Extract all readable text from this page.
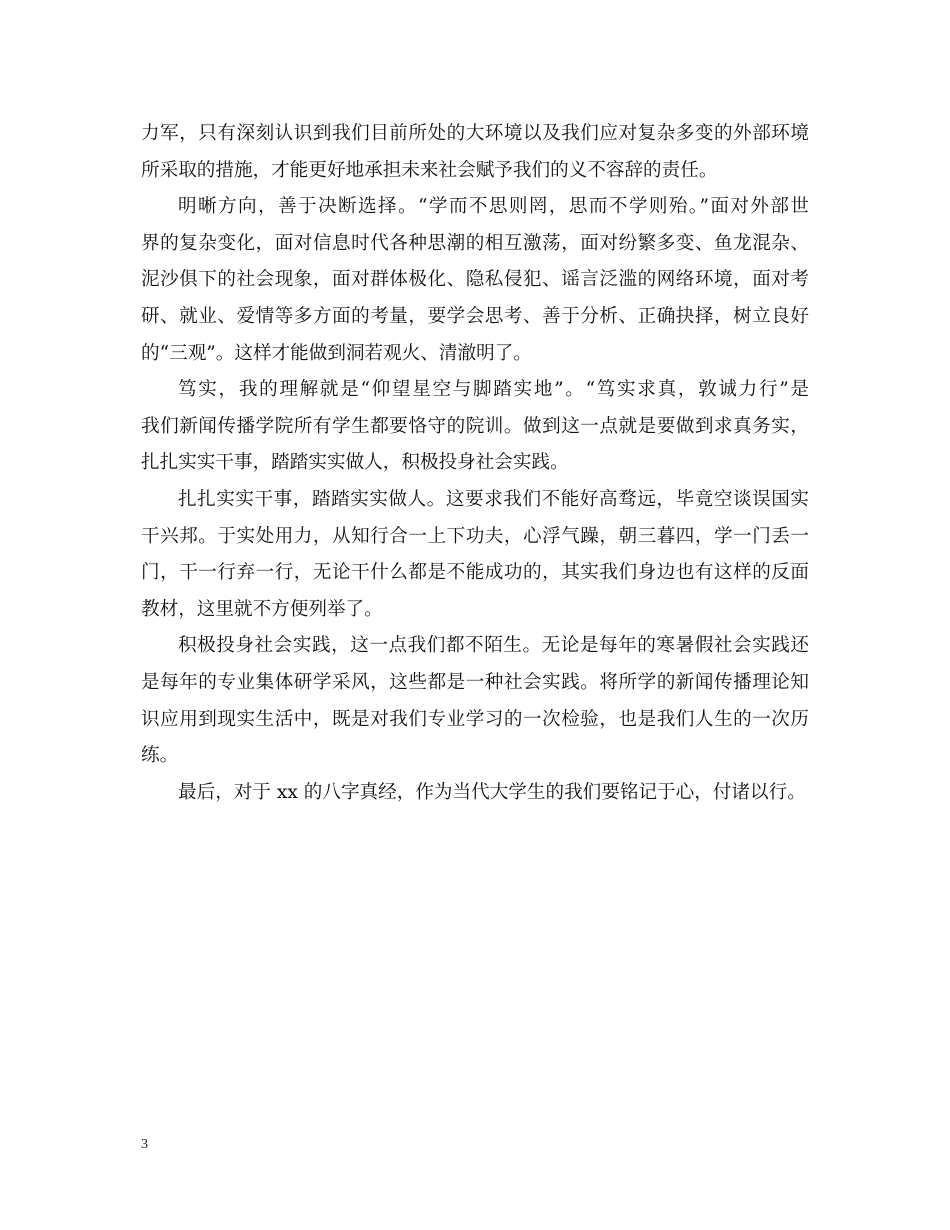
力军，只有深刻认识到我们目前所处的大环境以及我们应对复杂多变的外部环境
所采取的措施，才能更好地承担未来社会赋予我们的义不容辞的责任。
明晰方向，善于决断选择。“学而不思则罔，思而不学则殆。”面对外部世
界的复杂变化，面对信息时代各种思潮的相互激荡，面对纷繁多变、鱼龙混杂、
泥沙俱下的社会现象，面对群体极化、隐私侵犯、谣言泛滥的网络环境，面对考
研、就业、爱情等多方面的考量，要学会思考、善于分析、正确抉择，树立良好
的“三观”。这样才能做到洞若观火、清澈明了。
笃实，我的理解就是“仰望星空与脚踏实地”。“笃实求真，敦诚力行”是
我们新闻传播学院所有学生都要恪守的院训。做到这一点就是要做到求真务实，
扎扎实实干事，踏踏实实做人，积极投身社会实践。
扎扎实实干事，踏踏实实做人。这要求我们不能好高骛远，毕竟空谈误国实
干兴邦。于实处用力，从知行合一上下功夫，心浮气躁，朝三暮四，学一门丢一
门，干一行弃一行，无论干什么都是不能成功的，其实我们身边也有这样的反面
教材，这里就不方便列举了。
积极投身社会实践，这一点我们都不陌生。无论是每年的寒暑假社会实践还
是每年的专业集体研学采风，这些都是一种社会实践。将所学的新闻传播理论知
识应用到现实生活中，既是对我们专业学习的一次检验，也是我们人生的一次历
练。
最后，对于 xx 的八字真经，作为当代大学生的我们要铭记于心，付诸以行。
3
